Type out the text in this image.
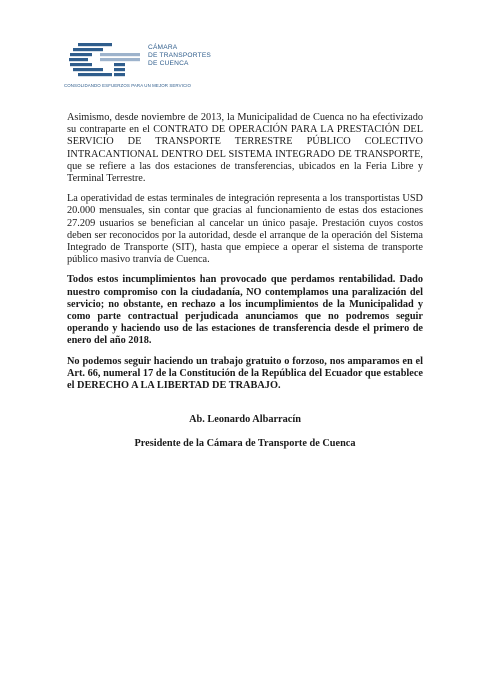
CÁMARA
DE TRANSPORTES
DE CUENCA
CONSOLIDANDO ESFUERZOS PARA UN MEJOR SERVICIO

Asimismo, desde noviembre de 2013, la Municipalidad de Cuenca no ha efectivizado su contraparte en el CONTRATO DE OPERACIÓN PARA LA PRESTACIÓN DEL SERVICIO DE TRANSPORTE TERRESTRE PÚBLICO COLECTIVO INTRACANTIONAL DENTRO DEL SISTEMA INTEGRADO DE TRANSPORTE, que se refiere a las dos estaciones de transferencias, ubicados en la Feria Libre y Terminal Terrestre.

La operatividad de estas terminales de integración representa a los transportistas USD 20.000 mensuales, sin contar que gracias al funcionamiento de estas dos estaciones 27.209 usuarios se benefician al cancelar un único pasaje. Prestación cuyos costos deben ser reconocidos por la autoridad, desde el arranque de la operación del Sistema Integrado de Transporte (SIT), hasta que empiece a operar el sistema de transporte público masivo tranvía de Cuenca.

Todos estos incumplimientos han provocado que perdamos rentabilidad. Dado nuestro compromiso con la ciudadanía, NO contemplamos una paralización del servicio; no obstante, en rechazo a los incumplimientos de la Municipalidad y como parte contractual perjudicada anunciamos que no podremos seguir operando y haciendo uso de las estaciones de transferencia desde el primero de enero del año 2018.

No podemos seguir haciendo un trabajo gratuito o forzoso, nos amparamos en el Art. 66, numeral 17 de la Constitución de la República del Ecuador que establece el DERECHO A LA LIBERTAD DE TRABAJO.

Ab. Leonardo Albarracín
Presidente de la Cámara de Transporte de Cuenca
